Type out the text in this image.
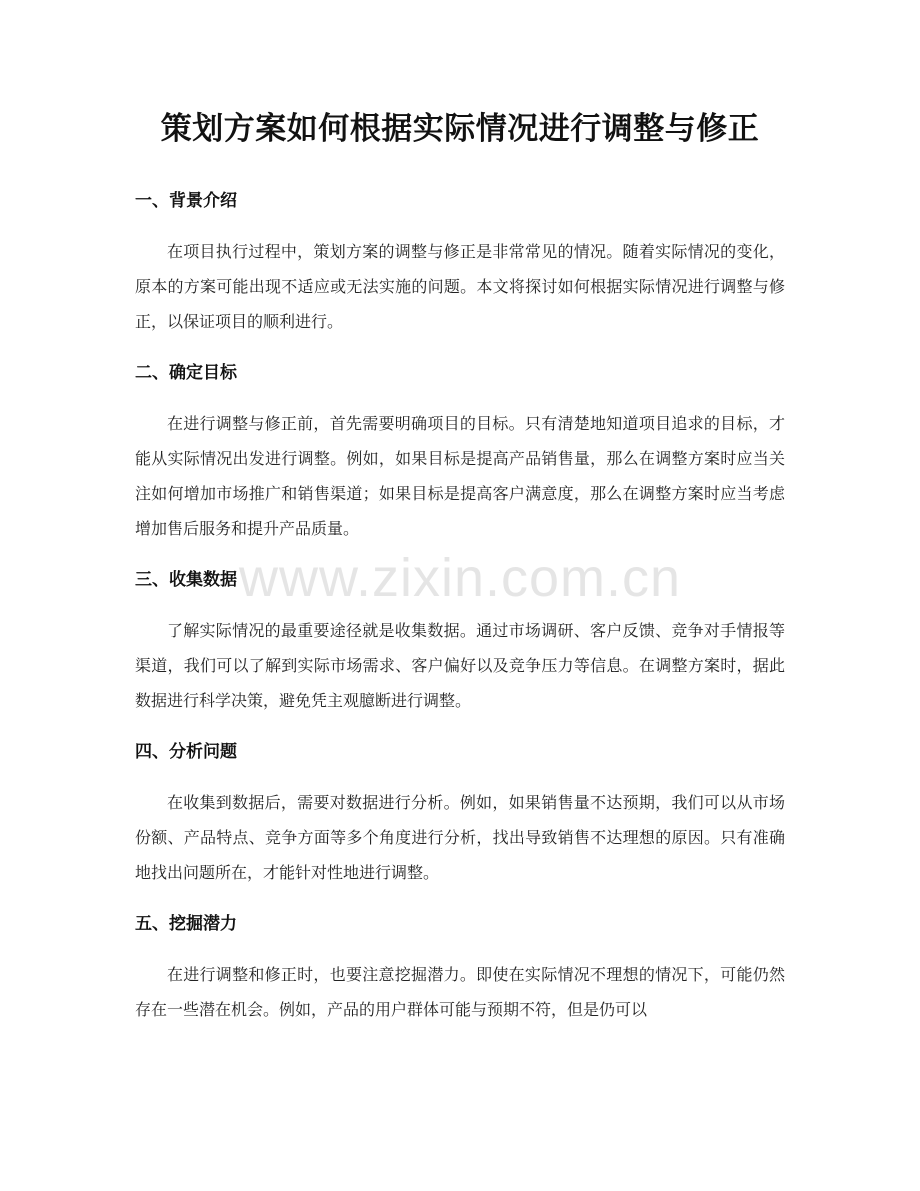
策划方案如何根据实际情况进行调整与修正
一、背景介绍

在项目执行过程中，策划方案的调整与修正是非常常见的情况。随着实际情况的变化，原本的方案可能出现不适应或无法实施的问题。本文将探讨如何根据实际情况进行调整与修正，以保证项目的顺利进行。

二、确定目标

在进行调整与修正前，首先需要明确项目的目标。只有清楚地知道项目追求的目标，才能从实际情况出发进行调整。例如，如果目标是提高产品销售量，那么在调整方案时应当关注如何增加市场推广和销售渠道；如果目标是提高客户满意度，那么在调整方案时应当考虑增加售后服务和提升产品质量。

三、收集数据

了解实际情况的最重要途径就是收集数据。通过市场调研、客户反馈、竞争对手情报等渠道，我们可以了解到实际市场需求、客户偏好以及竞争压力等信息。在调整方案时，据此数据进行科学决策，避免凭主观臆断进行调整。

四、分析问题

在收集到数据后，需要对数据进行分析。例如，如果销售量不达预期，我们可以从市场份额、产品特点、竞争方面等多个角度进行分析，找出导致销售不达理想的原因。只有准确地找出问题所在，才能针对性地进行调整。

五、挖掘潜力

在进行调整和修正时，也要注意挖掘潜力。即使在实际情况不理想的情况下，可能仍然存在一些潜在机会。例如，产品的用户群体可能与预期不符，但是仍可以

www.zixin.com.cn
